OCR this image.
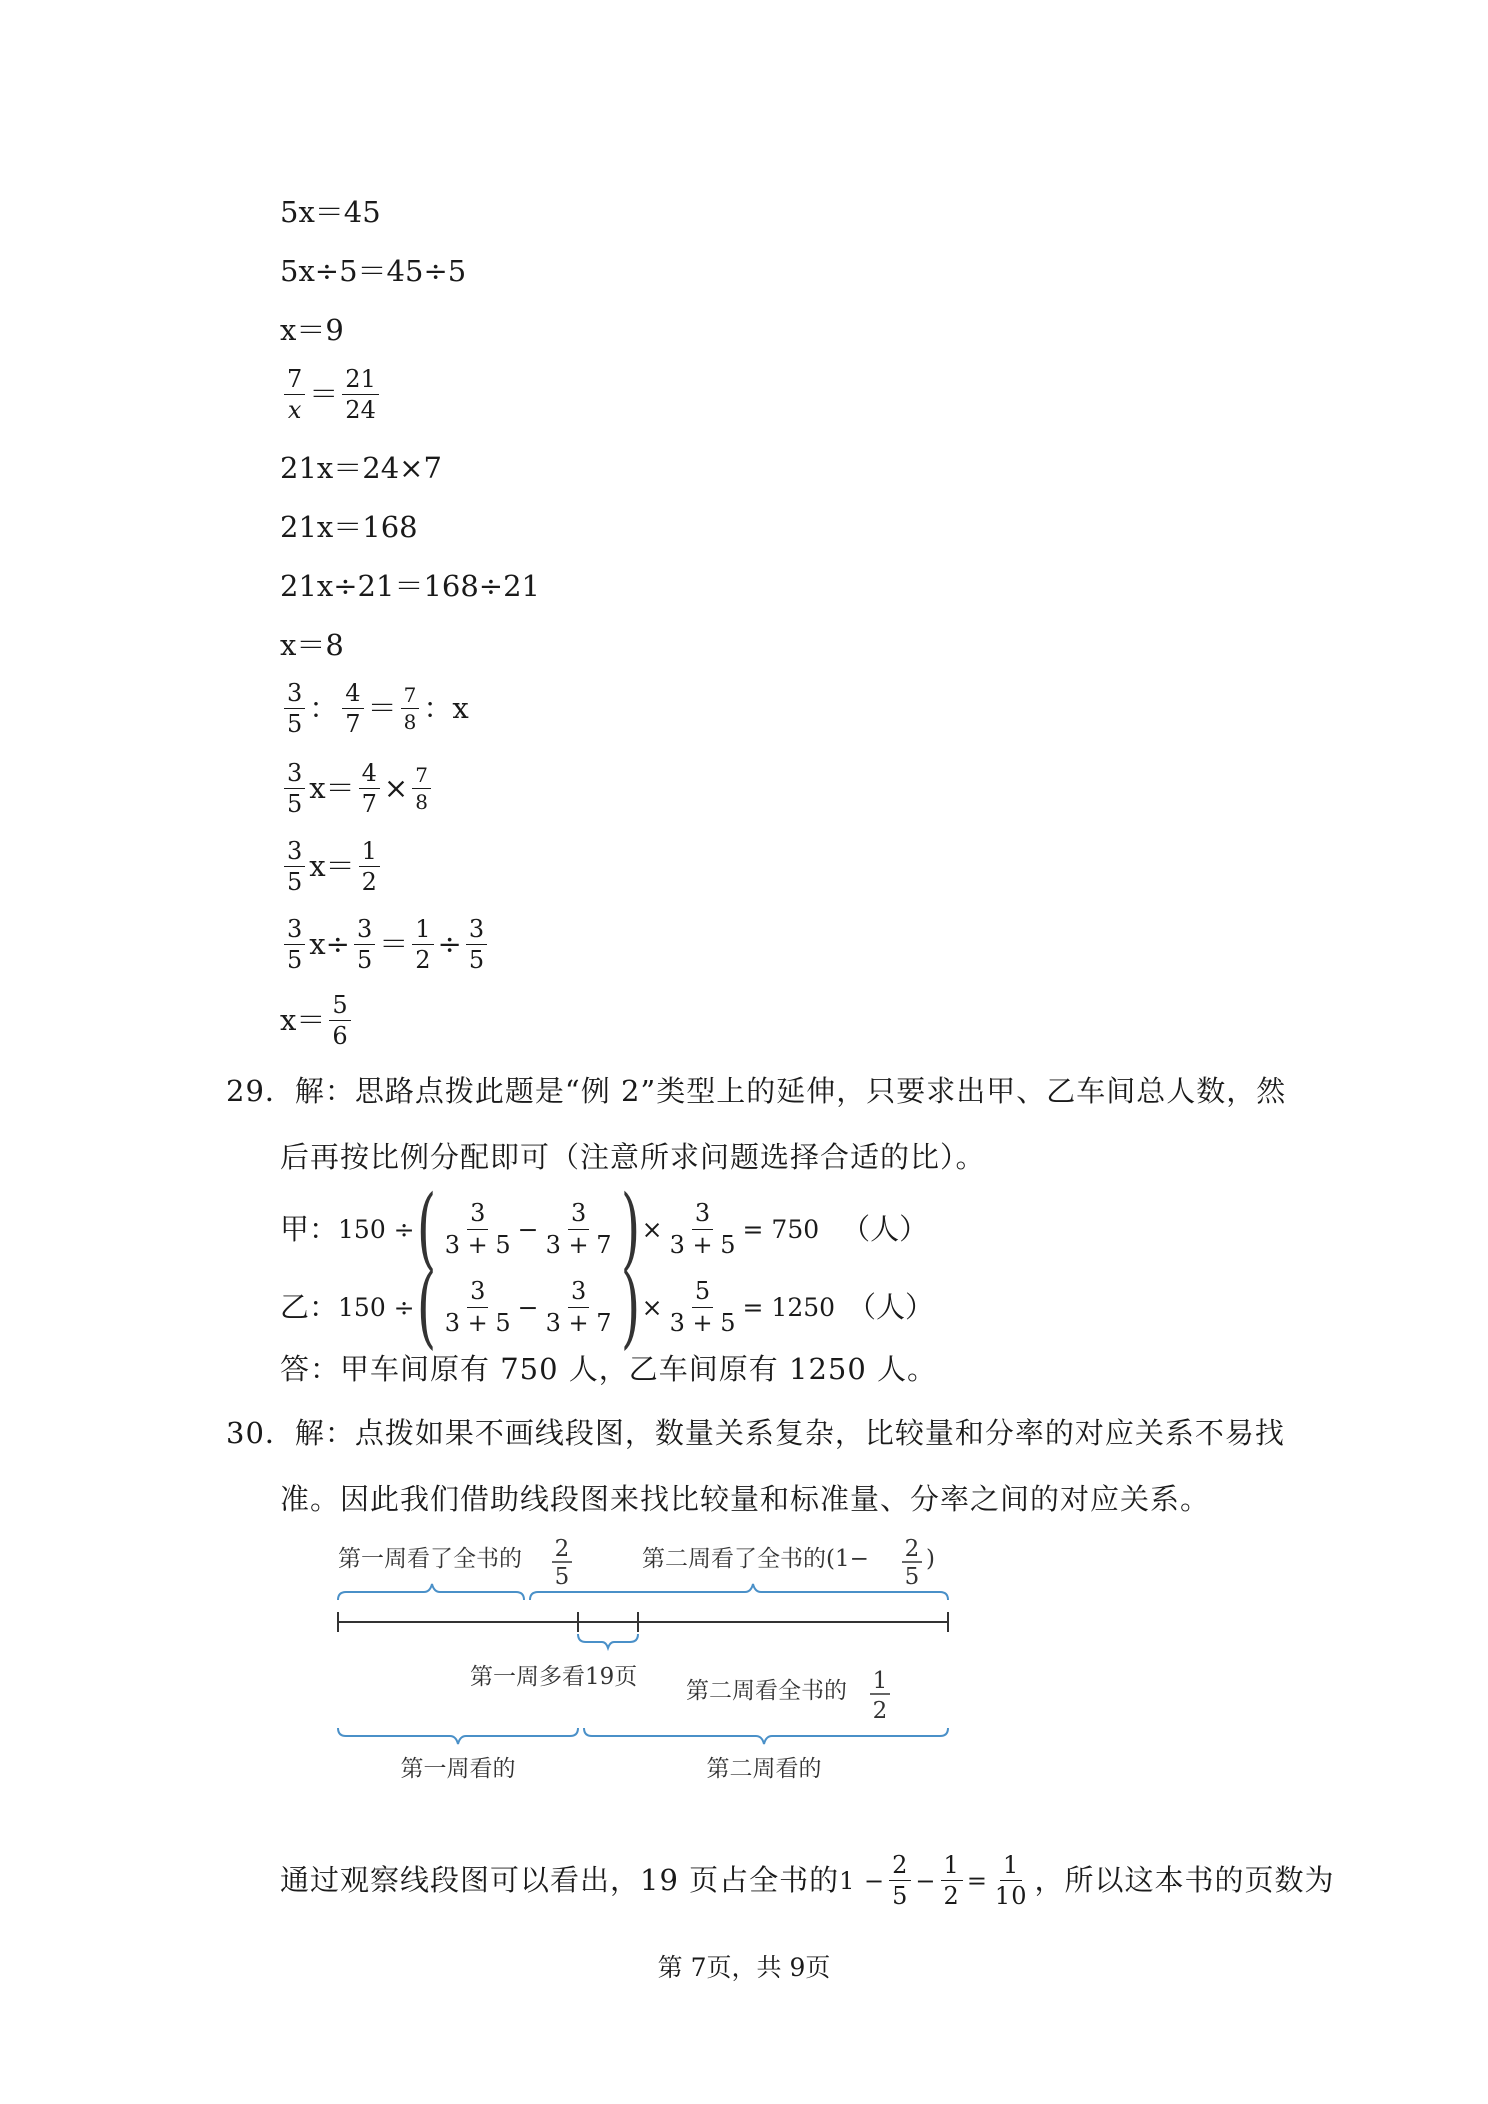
5x＝45
5x÷5＝45÷5
x＝9
$\frac{7}{x} = \frac{21}{24}$
21x＝24×7
21x＝168
21x÷21＝168÷21
x＝8
$\frac{3}{5}$ ： $\frac{4}{7} = \frac{7}{8}$ ：x
$\frac{3}{5} x= \frac{4}{7} \times \frac{7}{8}$
$\frac{3}{5} x= \frac{1}{2}$
$\frac{3}{5} x\div \frac{3}{5} = \frac{1}{2} \div \frac{3}{5}$
$x= \frac{5}{6}$
29．解：思路点拨此题是“例 2”类型上的延伸，只要求出甲、乙车间总人数，然
后再按比例分配即可（注意所求问题选择合适的比）。
甲： 150 ÷ ( $\frac{3}{3 + 5} - \frac{3}{3 + 7}$ ) × $\frac{3}{3 + 5} = 750$ （人）
乙： 150 ÷ ( $\frac{3}{3 + 5} - \frac{3}{3 + 7}$ ) × $\frac{5}{3 + 5} = 1250$ （人）
答：甲车间原有 750 人，乙车间原有 1250 人。
30．解：点拨如果不画线段图，数量关系复杂，比较量和分率的对应关系不易找
准。因此我们借助线段图来找比较量和标准量、分率之间的对应关系。
第一周看了全书的 2
5
第二周看了全书的(1− 2
5
)
第一周多看19页
第二周看全书的 1
2
第一周看的	第二周看的
通过观察线段图可以看出，19 页占全书的 $1 - \frac{2}{5} - \frac{1}{2} = \frac{1}{10}$ ，所以这本书的页数为
第 7页，共 9页
